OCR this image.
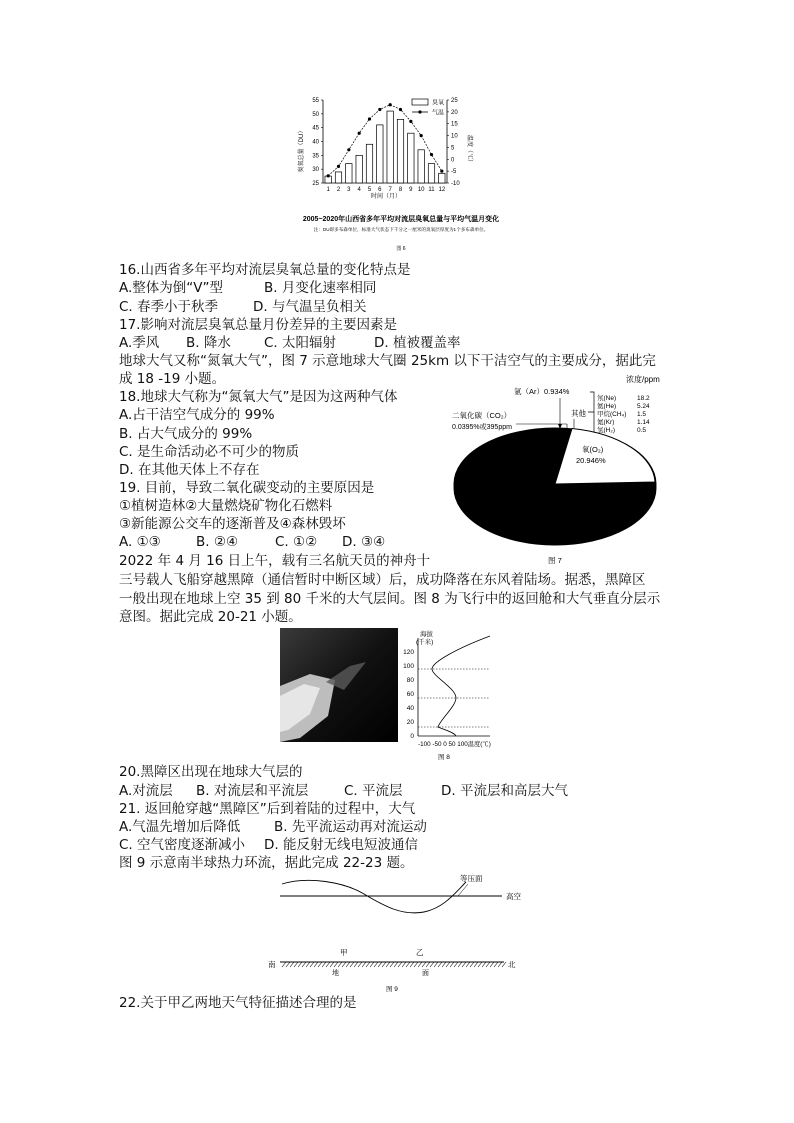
25
30
35
40
45
50
55
-10
-5
0
5
10
15
20
25
1 2 3 4 5 6 7 8 9 10 11 12
臭氧总量（DU）	温度（℃）
时间（月）
臭氧
气温
2005~2020年山西省多年平均对流层臭氧总量与平均气温月变化
注：DU即多布森单位，标准大气状态下千分之一厘米的臭氧层厚度为1个多布森单位。
图 6
16.山西省多年平均对流层臭氧总量的变化特点是
A.整体为倒“V”型	B. 月变化速率相同
C. 春季小于秋季	D. 与气温呈负相关
17.影响对流层臭氧总量月份差异的主要因素是
A.季风 B. 降水 C. 太阳辐射	D. 植被覆盖率
地球大气又称“氮氧大气”，图 7 示意地球大气圈 25km 以下干洁空气的主要成分，据此完
成 18 -19 小题。
18.地球大气称为“氮氧大气”是因为这两种气体
A.占干洁空气成分的 99%
B. 占大气成分的 99%
C. 是生命活动必不可少的物质
D. 在其他天体上不存在
19. 目前，导致二氧化碳变动的主要原因是
①植树造林②大量燃烧矿物化石燃料
③新能源公交车的逐渐普及④森林毁坏
A. ①③	B. ②④	C. ①② D. ③④
浓度/ppm
氩（Ar）0.934%
二氧化碳（CO₂）
0.0395%或395ppm
其他
氖(Ne)	18.2
氦(He)	5.24
甲烷(CH₄) 1.5
氪(Kr)	1.14
氢(H₂)	0.5
氧(O₂)
20.946%
图 7
2022 年 4 月 16 日上午，载有三名航天员的神舟十
三号载人飞船穿越黑障（通信暂时中断区域）后，成功降落在东风着陆场。据悉，黑障区
一般出现在地球上空 35 到 80 千米的大气层间。图 8 为飞行中的返回舱和大气垂直分层示
意图。据此完成 20-21 小题。
海拔
(千米)
0
20
40
60
80
100
120
-100 -50 0 50 100温度(℃)
图 8
20.黑障区出现在地球大气层的
A.对流层 B. 对流层和平流层	C. 平流层	D. 平流层和高层大气
21. 返回舱穿越“黑障区”后到着陆的过程中，大气
A.气温先增加后降低 B. 先平流运动再对流运动
C. 空气密度逐渐减小 D. 能反射无线电短波通信
图 9 示意南半球热力环流，据此完成 22-23 题。
等压面
高空
甲	乙
南	北
地	面
图 9
22.关于甲乙两地天气特征描述合理的是
